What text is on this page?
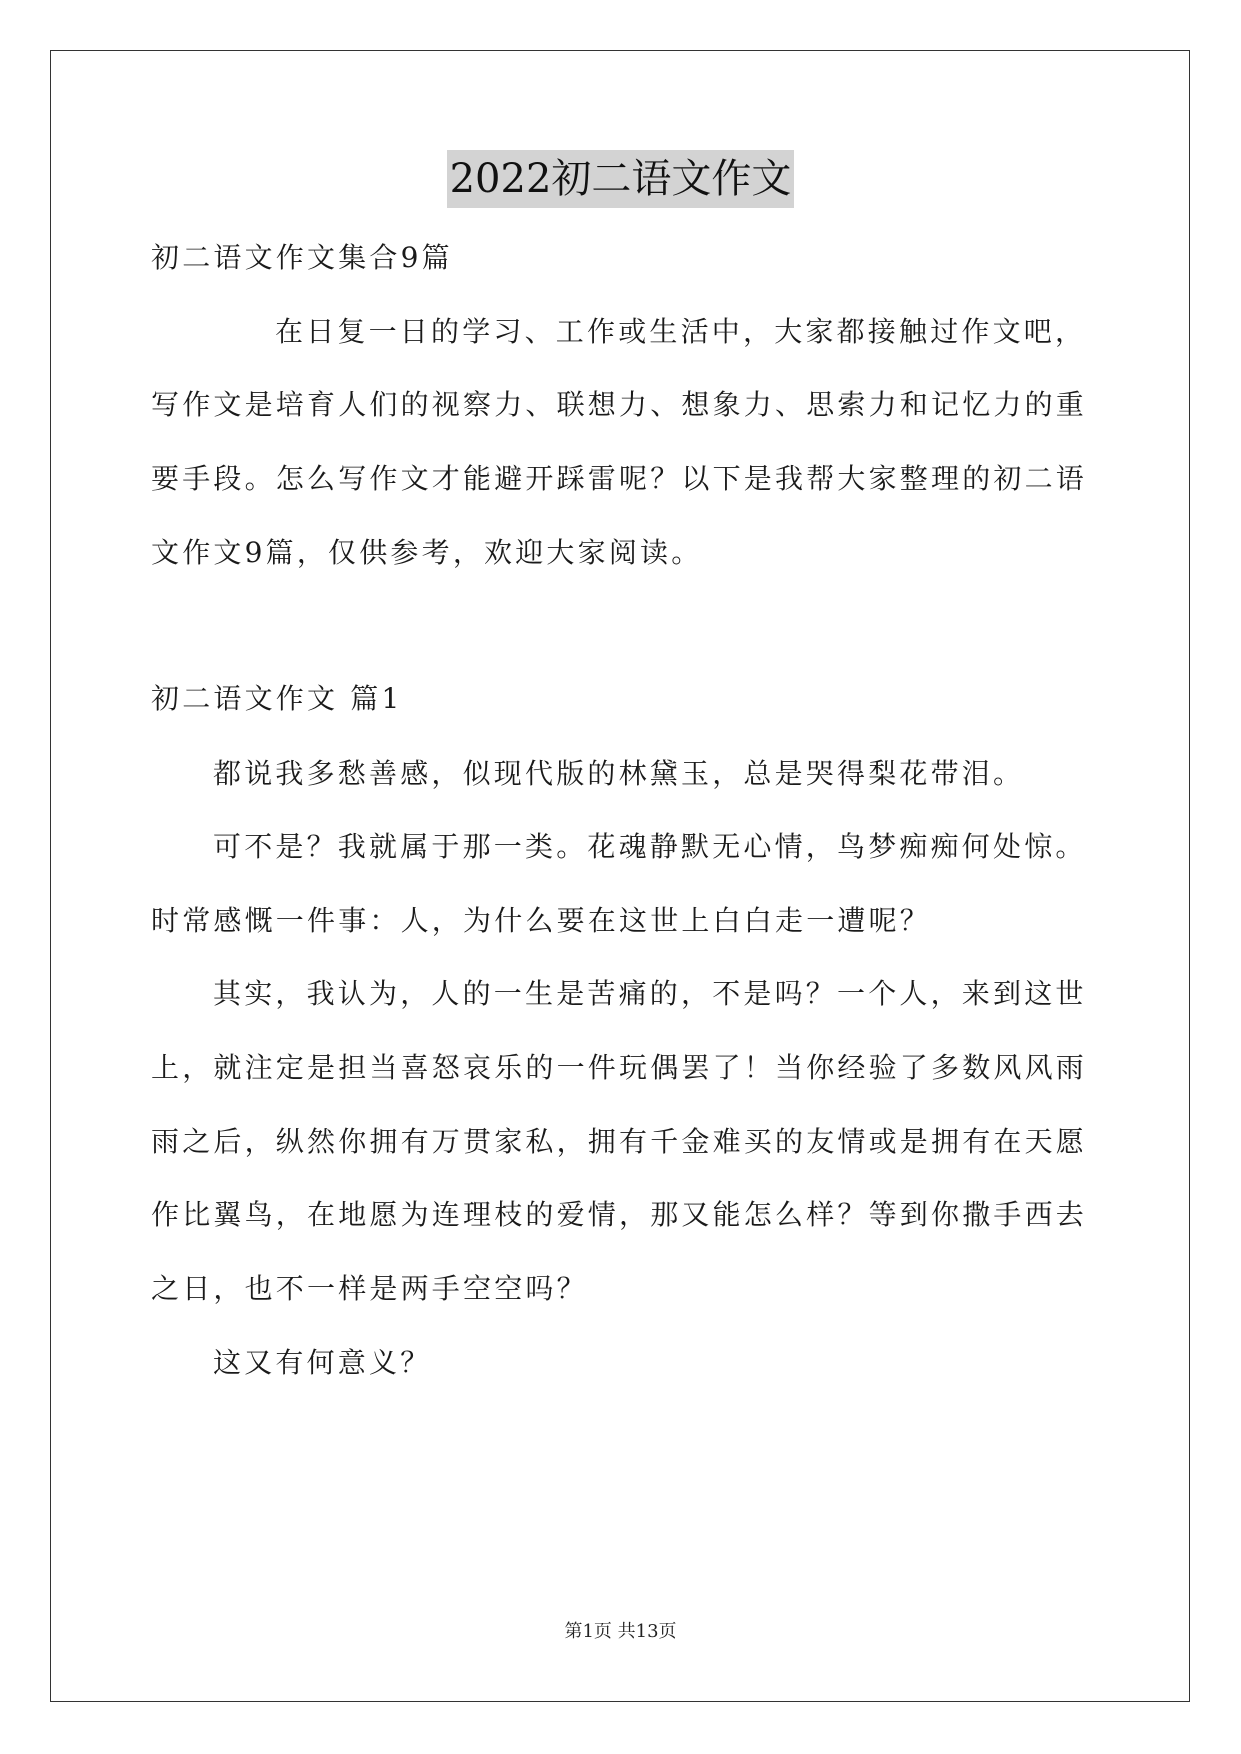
2022初二语文作文
初二语文作文集合9篇
在日复一日的学习、工作或生活中，大家都接触过作文吧，
写作文是培育人们的视察力、联想力、想象力、思索力和记忆力的重
要手段。怎么写作文才能避开踩雷呢？以下是我帮大家整理的初二语
文作文9篇，仅供参考，欢迎大家阅读。
初二语文作文 篇1
都说我多愁善感，似现代版的林黛玉，总是哭得梨花带泪。
可不是？我就属于那一类。花魂静默无心情，鸟梦痴痴何处惊。
时常感慨一件事：人，为什么要在这世上白白走一遭呢？
其实，我认为，人的一生是苦痛的，不是吗？一个人，来到这世
上，就注定是担当喜怒哀乐的一件玩偶罢了！当你经验了多数风风雨
雨之后，纵然你拥有万贯家私，拥有千金难买的友情或是拥有在天愿
作比翼鸟，在地愿为连理枝的爱情，那又能怎么样？等到你撒手西去
之日，也不一样是两手空空吗？
这又有何意义？
第1页 共13页
